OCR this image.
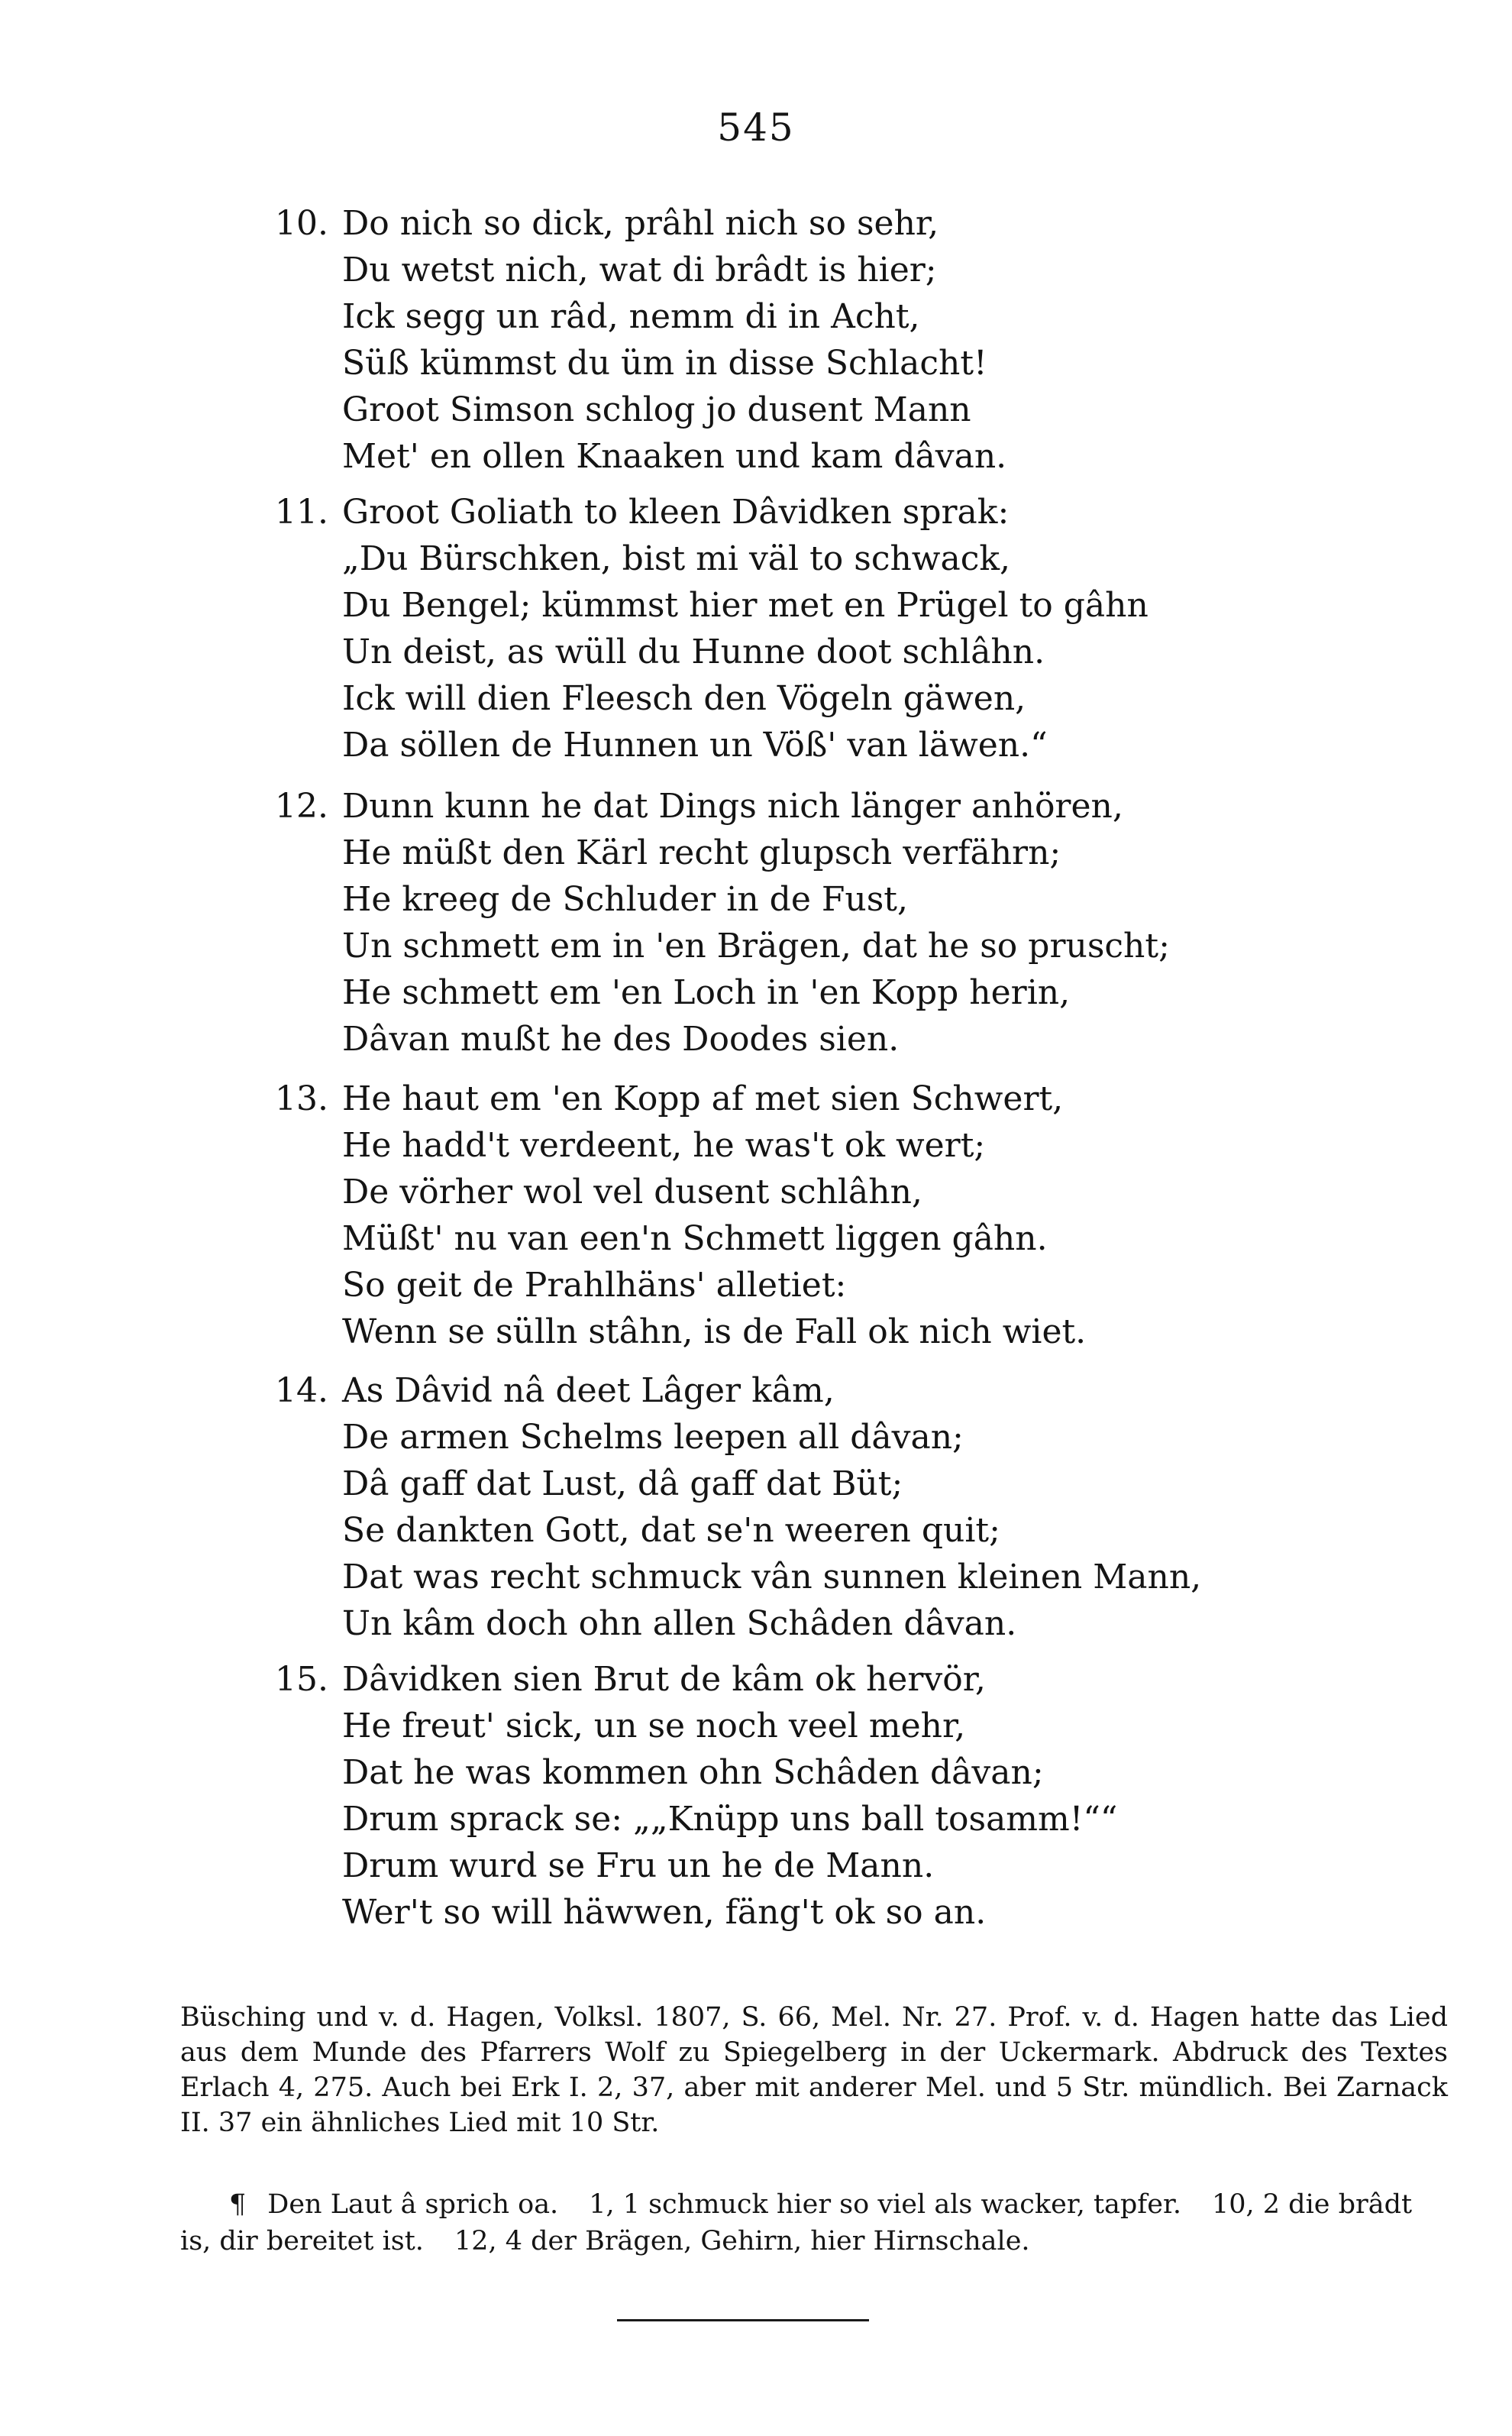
545
10. Do nich so dick, prâhl nich so sehr,
Du wetst nich, wat di brâdt is hier;
Ick segg un râd, nemm di in Acht,
Süß kümmst du üm in disse Schlacht!
Groot Simson schlog jo dusent Mann
Met' en ollen Knaaken und kam dâvan.
11. Groot Goliath to kleen Dâvidken sprak:
„Du Bürschken, bist mi väl to schwack,
Du Bengel; kümmst hier met en Prügel to gâhn
Un deist, as wüll du Hunne doot schlâhn.
Ick will dien Fleesch den Vögeln gäwen,
Da söllen de Hunnen un Vöß' van läwen.“
12. Dunn kunn he dat Dings nich länger anhören,
He müßt den Kärl recht glupsch verfährn;
He kreeg de Schluder in de Fust,
Un schmett em in 'en Brägen, dat he so pruscht;
He schmett em 'en Loch in 'en Kopp herin,
Dâvan mußt he des Doodes sien.
13. He haut em 'en Kopp af met sien Schwert,
He hadd't verdeent, he was't ok wert;
De vörher wol vel dusent schlâhn,
Müßt' nu van een'n Schmett liggen gâhn.
So geit de Prahlhäns' alletiet:
Wenn se sülln stâhn, is de Fall ok nich wiet.
14. As Dâvid nâ deet Lâger kâm,
De armen Schelms leepen all dâvan;
Dâ gaff dat Lust, dâ gaff dat Büt;
Se dankten Gott, dat se'n weeren quit;
Dat was recht schmuck vân sunnen kleinen Mann,
Un kâm doch ohn allen Schâden dâvan.
15. Dâvidken sien Brut de kâm ok hervör,
He freut' sick, un se noch veel mehr,
Dat he was kommen ohn Schâden dâvan;
Drum sprack se: „„Knüpp uns ball tosamm!““
Drum wurd se Fru un he de Mann.
Wer't so will häwwen, fäng't ok so an.
Büsching und v. d. Hagen, Volksl. 1807, S. 66, Mel. Nr. 27. Prof. v. d. Hagen hatte das Lied aus dem Munde des Pfarrers Wolf zu Spiegelberg in der Uckermark. Abdruck des Textes Erlach 4, 275. Auch bei Erk I. 2, 37, aber mit anderer Mel. und 5 Str. mündlich. Bei Zarnack II. 37 ein ähnliches Lied mit 10 Str.
¶ Den Laut â sprich oa. 1, 1 schmuck hier so viel als wacker, tapfer. 10, 2 die brâdt is, dir bereitet ist. 12, 4 der Brägen, Gehirn, hier Hirnschale.
